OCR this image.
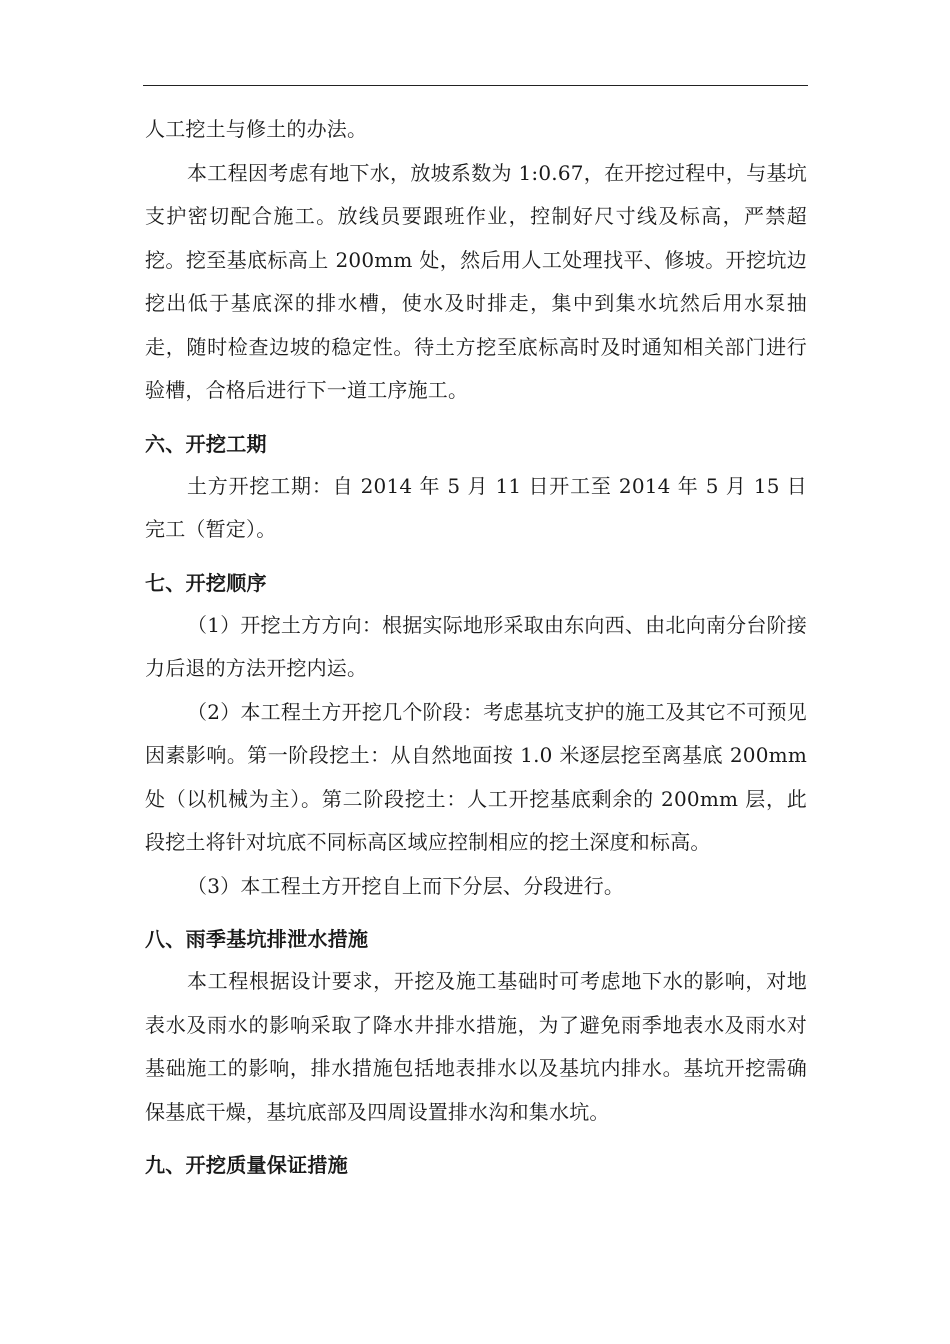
人工挖土与修土的办法。

本工程因考虑有地下水，放坡系数为 1:0.67，在开挖过程中，与基坑支护密切配合施工。放线员要跟班作业，控制好尺寸线及标高，严禁超挖。挖至基底标高上 200mm 处，然后用人工处理找平、修坡。开挖坑边挖出低于基底深的排水槽，使水及时排走，集中到集水坑然后用水泵抽走，随时检查边坡的稳定性。待土方挖至底标高时及时通知相关部门进行验槽，合格后进行下一道工序施工。

六、开挖工期

土方开挖工期：自 2014 年 5 月 11 日开工至 2014 年 5 月 15 日完工（暂定）。

七、开挖顺序

（1）开挖土方方向：根据实际地形采取由东向西、由北向南分台阶接力后退的方法开挖内运。

（2）本工程土方开挖几个阶段：考虑基坑支护的施工及其它不可预见因素影响。第一阶段挖土：从自然地面按 1.0 米逐层挖至离基底 200mm 处（以机械为主）。第二阶段挖土：人工开挖基底剩余的 200mm 层，此段挖土将针对坑底不同标高区域应控制相应的挖土深度和标高。

（3）本工程土方开挖自上而下分层、分段进行。

八、雨季基坑排泄水措施

本工程根据设计要求，开挖及施工基础时可考虑地下水的影响，对地表水及雨水的影响采取了降水井排水措施，为了避免雨季地表水及雨水对基础施工的影响，排水措施包括地表排水以及基坑内排水。基坑开挖需确保基底干燥，基坑底部及四周设置排水沟和集水坑。

九、开挖质量保证措施
